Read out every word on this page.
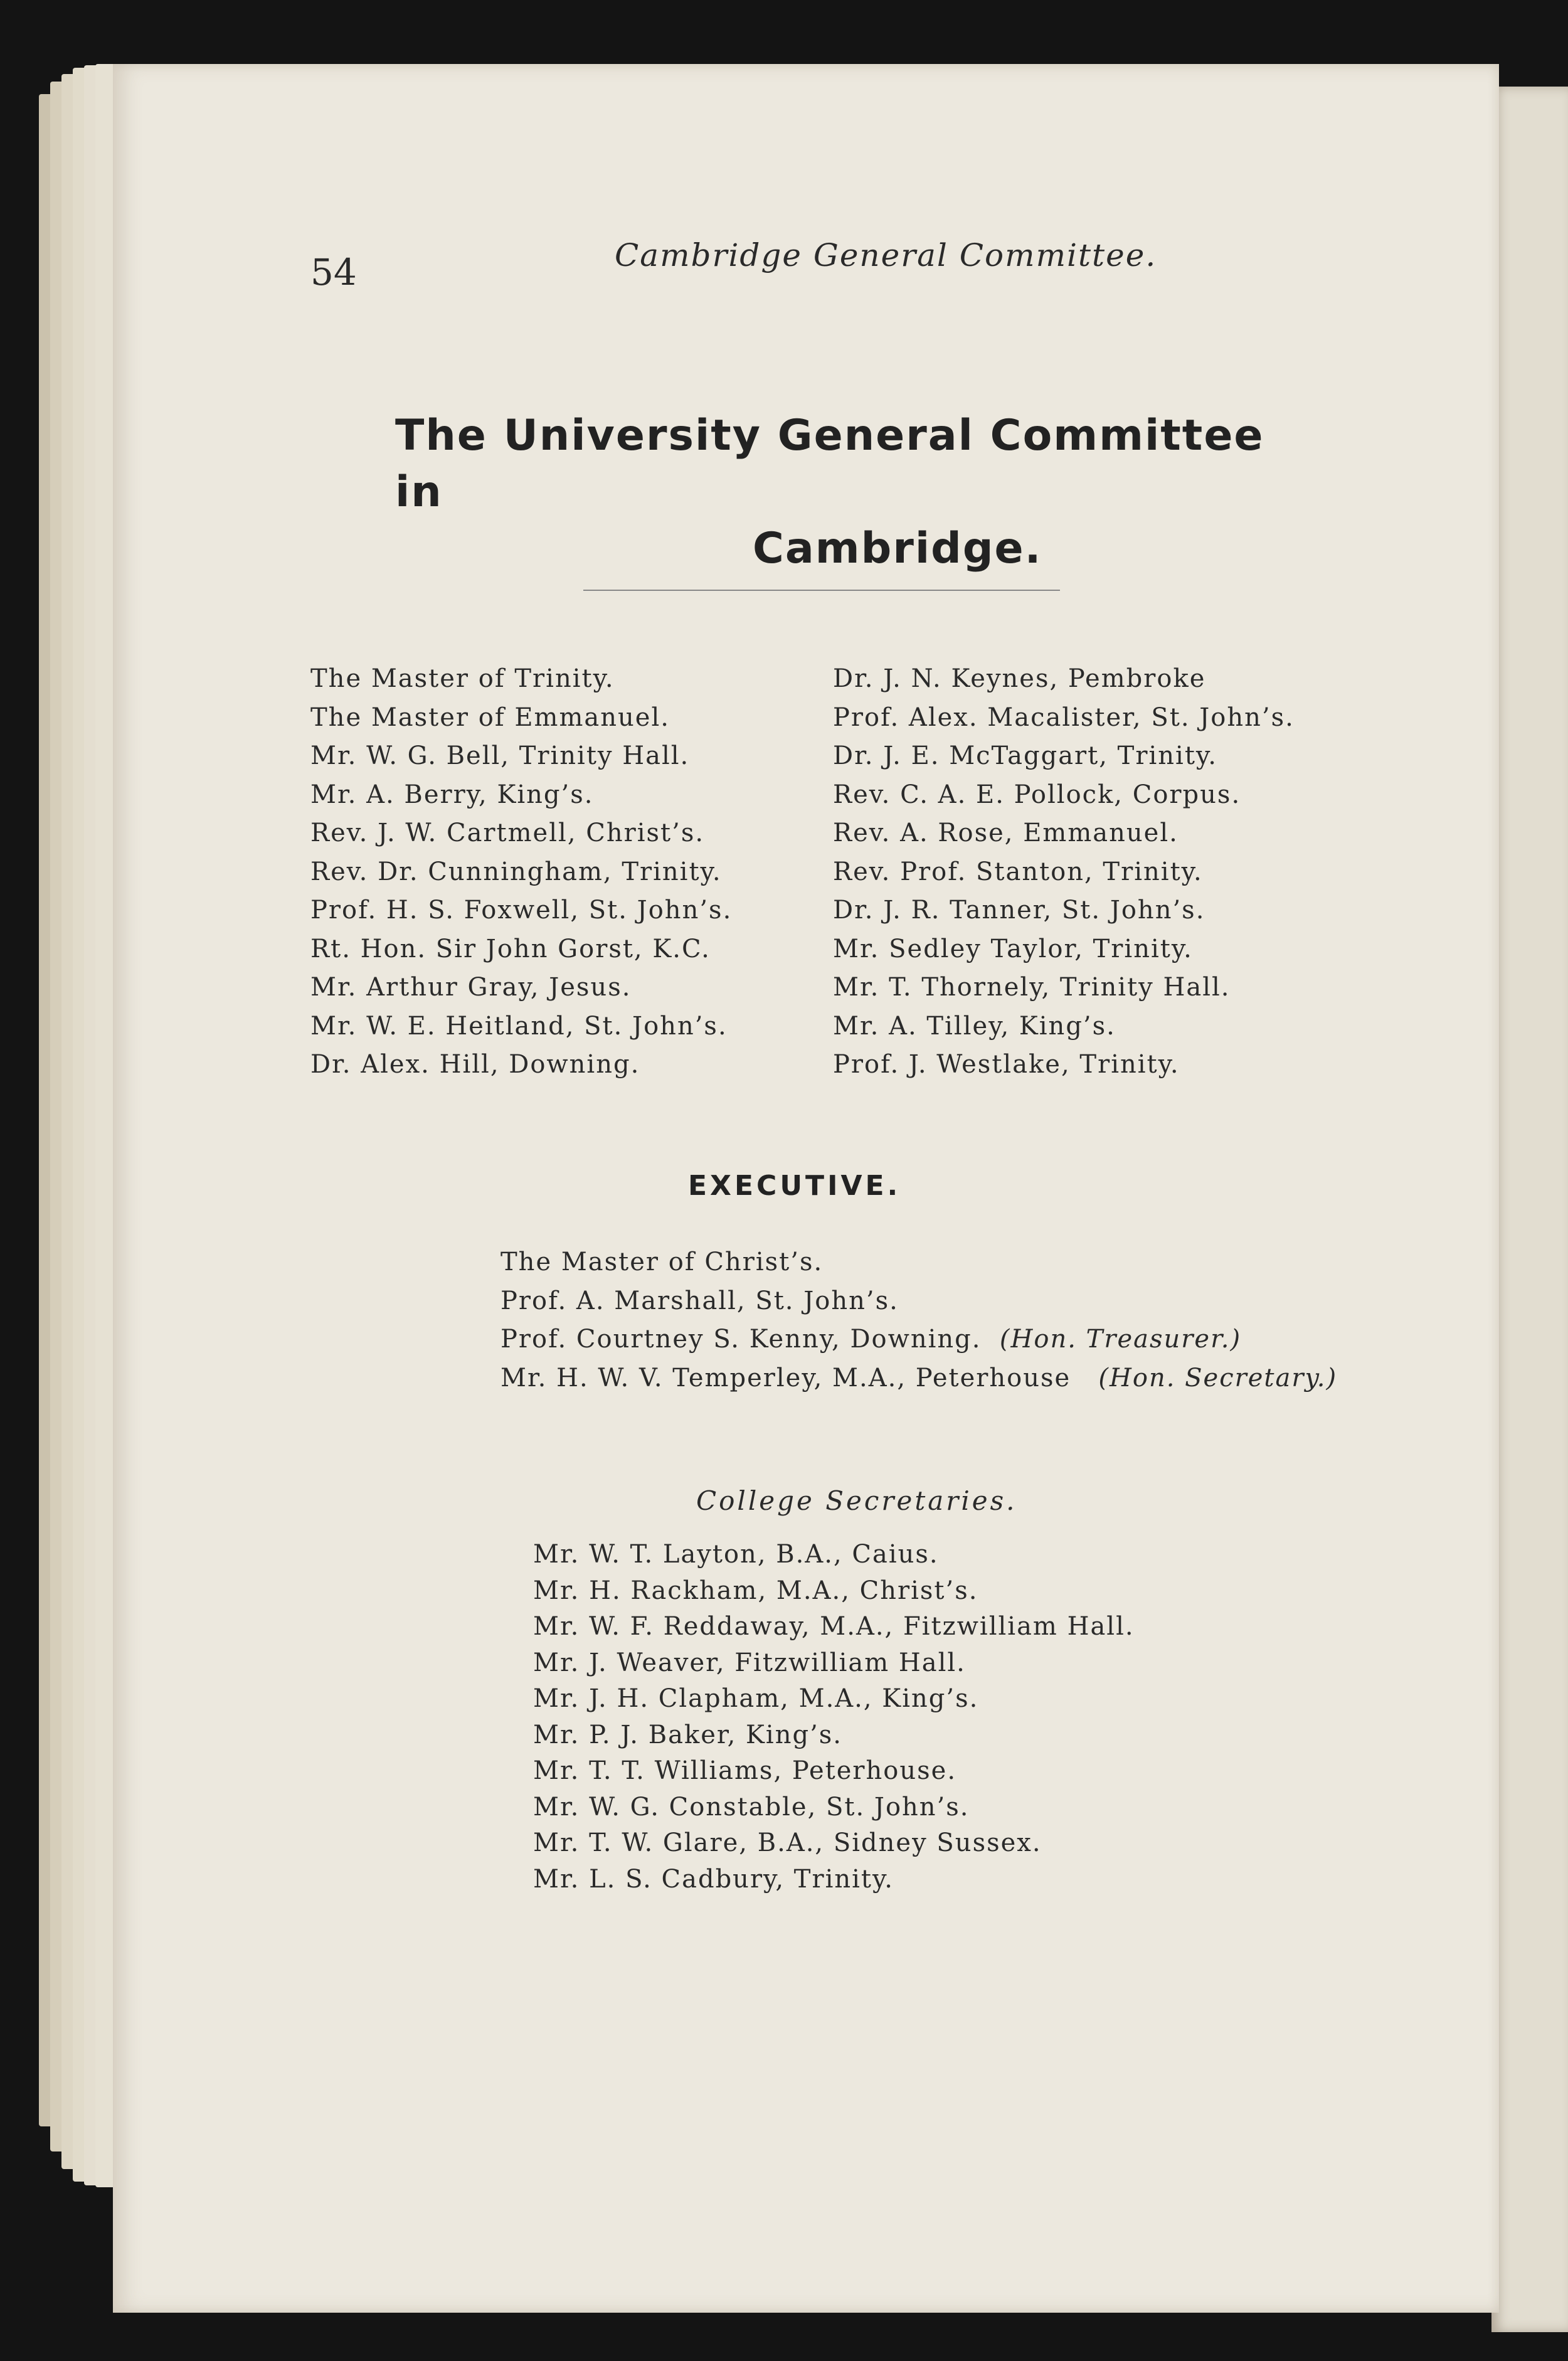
54	Cambridge General Committee.
The University General Committee in
Cambridge.
The Master of Trinity.
The Master of Emmanuel.
Mr. W. G. Bell, Trinity Hall.
Mr. A. Berry, King’s.
Rev. J. W. Cartmell, Christ’s.
Rev. Dr. Cunningham, Trinity.
Prof. H. S. Foxwell, St. John’s.
Rt. Hon. Sir John Gorst, K.C.
Mr. Arthur Gray, Jesus.
Mr. W. E. Heitland, St. John’s.
Dr. Alex. Hill, Downing.
Dr. J. N. Keynes, Pembroke
Prof. Alex. Macalister, St. John’s.
Dr. J. E. McTaggart, Trinity.
Rev. C. A. E. Pollock, Corpus.
Rev. A. Rose, Emmanuel.
Rev. Prof. Stanton, Trinity.
Dr. J. R. Tanner, St. John’s.
Mr. Sedley Taylor, Trinity.
Mr. T. Thornely, Trinity Hall.
Mr. A. Tilley, King’s.
Prof. J. Westlake, Trinity.
EXECUTIVE.
The Master of Christ’s.
Prof. A. Marshall, St. John’s.
Prof. Courtney S. Kenny, Downing. (Hon. Treasurer.)
Mr. H. W. V. Temperley, M.A., Peterhouse (Hon. Secretary.)
College Secretaries.
Mr. W. T. Layton, B.A., Caius.
Mr. H. Rackham, M.A., Christ’s.
Mr. W. F. Reddaway, M.A., Fitzwilliam Hall.
Mr. J. Weaver, Fitzwilliam Hall.
Mr. J. H. Clapham, M.A., King’s.
Mr. P. J. Baker, King’s.
Mr. T. T. Williams, Peterhouse.
Mr. W. G. Constable, St. John’s.
Mr. T. W. Glare, B.A., Sidney Sussex.
Mr. L. S. Cadbury, Trinity.
